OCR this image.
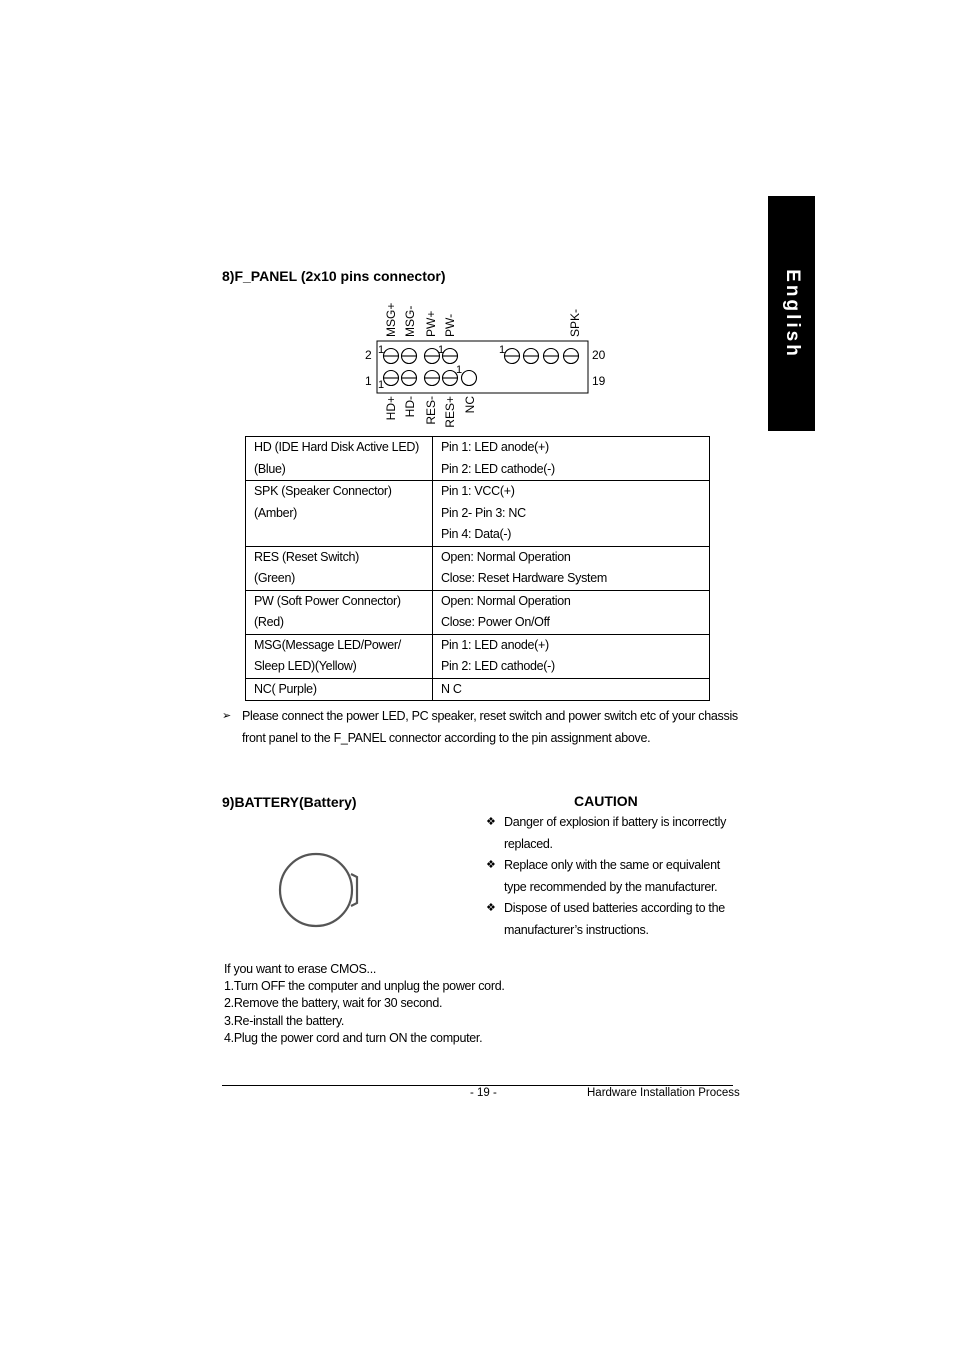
English
8)F_PANEL (2x10 pins connector)
MSG+ MSG- PW+ PW-	SPK-
HD+ HD- RES- RES+ NC
2
1
20
19
1	1	1
1
1
HD (IDE Hard Disk Active LED)
(Blue)	Pin 1: LED anode(+)
Pin 2: LED cathode(-)

SPK (Speaker Connector)
(Amber)	Pin 1: VCC(+)
Pin 2- Pin 3: NC
Pin 4: Data(-)

RES (Reset Switch)
(Green)	Open: Normal Operation
Close: Reset Hardware System

PW (Soft Power Connector)
(Red)	Open: Normal Operation
Close: Power On/Off

MSG(Message LED/Power/
Sleep LED)(Yellow)	Pin 1: LED anode(+)
Pin 2: LED cathode(-)

NC( Purple)	N C
➢ Please connect the power LED, PC speaker, reset switch and power switch etc of your chassis front panel to the F_PANEL connector according to the pin assignment above.
9)BATTERY(Battery)	CAUTION
❖ Danger of explosion if battery is incorrectly replaced.
❖ Replace only with the same or equivalent type recommended by the manufacturer.
❖ Dispose of used batteries according to the manufacturer’s instructions.
If you want to erase CMOS...
1.Turn OFF the computer and unplug the power cord.
2.Remove the battery, wait for 30 second.
3.Re-install the battery.
4.Plug the power cord and turn ON the computer.
- 19 -	Hardware Installation Process
